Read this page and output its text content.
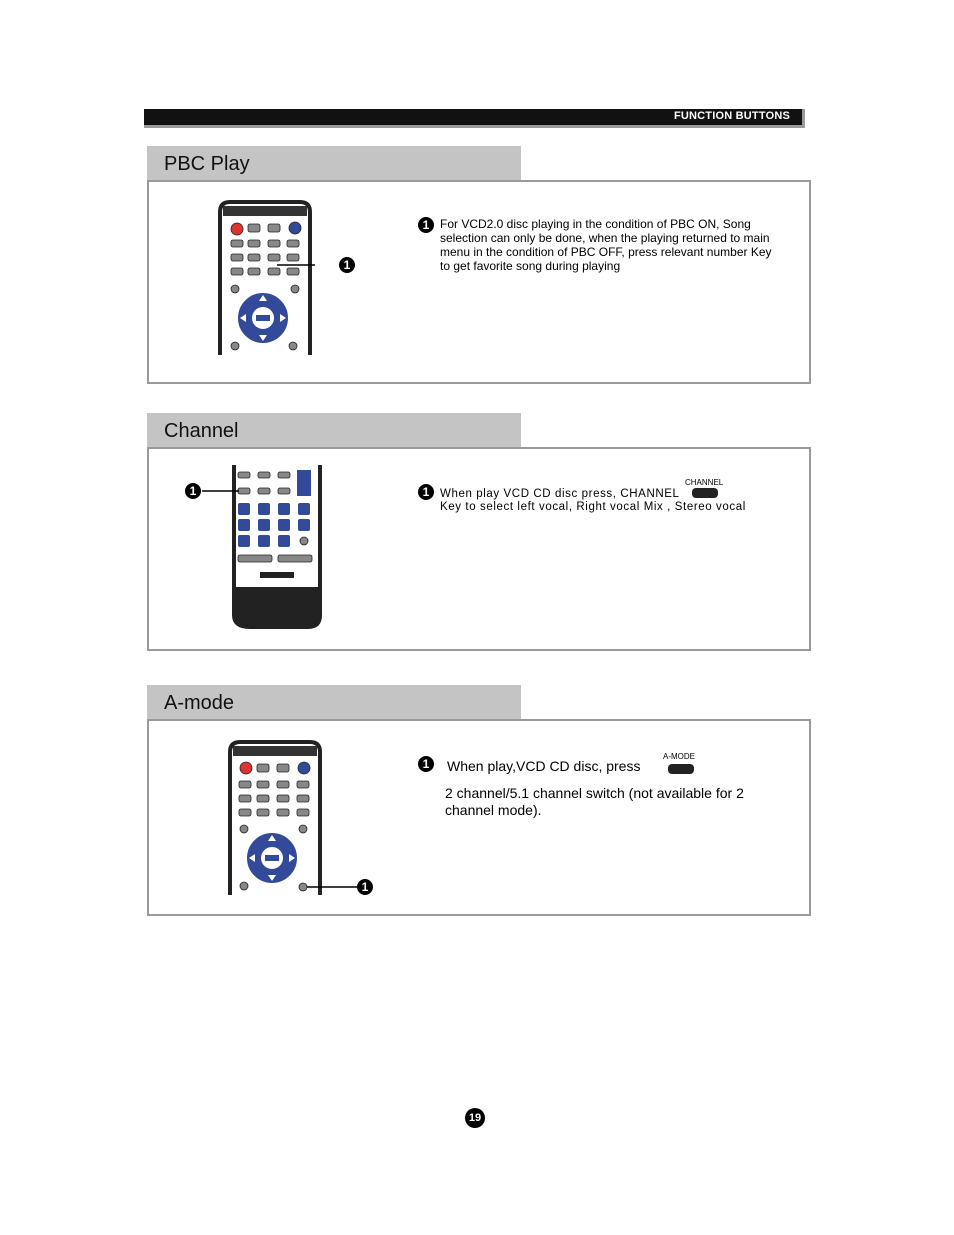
FUNCTION BUTTONS
PBC Play
1
1 For VCD2.0 disc playing in the condition of PBC ON, Song selection can only be done, when the playing returned to main menu in the condition of PBC OFF, press relevant number Key to get favorite song during playing
Channel
1	1 When play VCD CD disc press, CHANNEL
Key to select left vocal, Right vocal Mix , Stereo vocal
CHANNEL
A-mode
1
1	When play,VCD CD disc, press
A-MODE
2 channel/5.1 channel switch (not available for 2 channel mode).
19
